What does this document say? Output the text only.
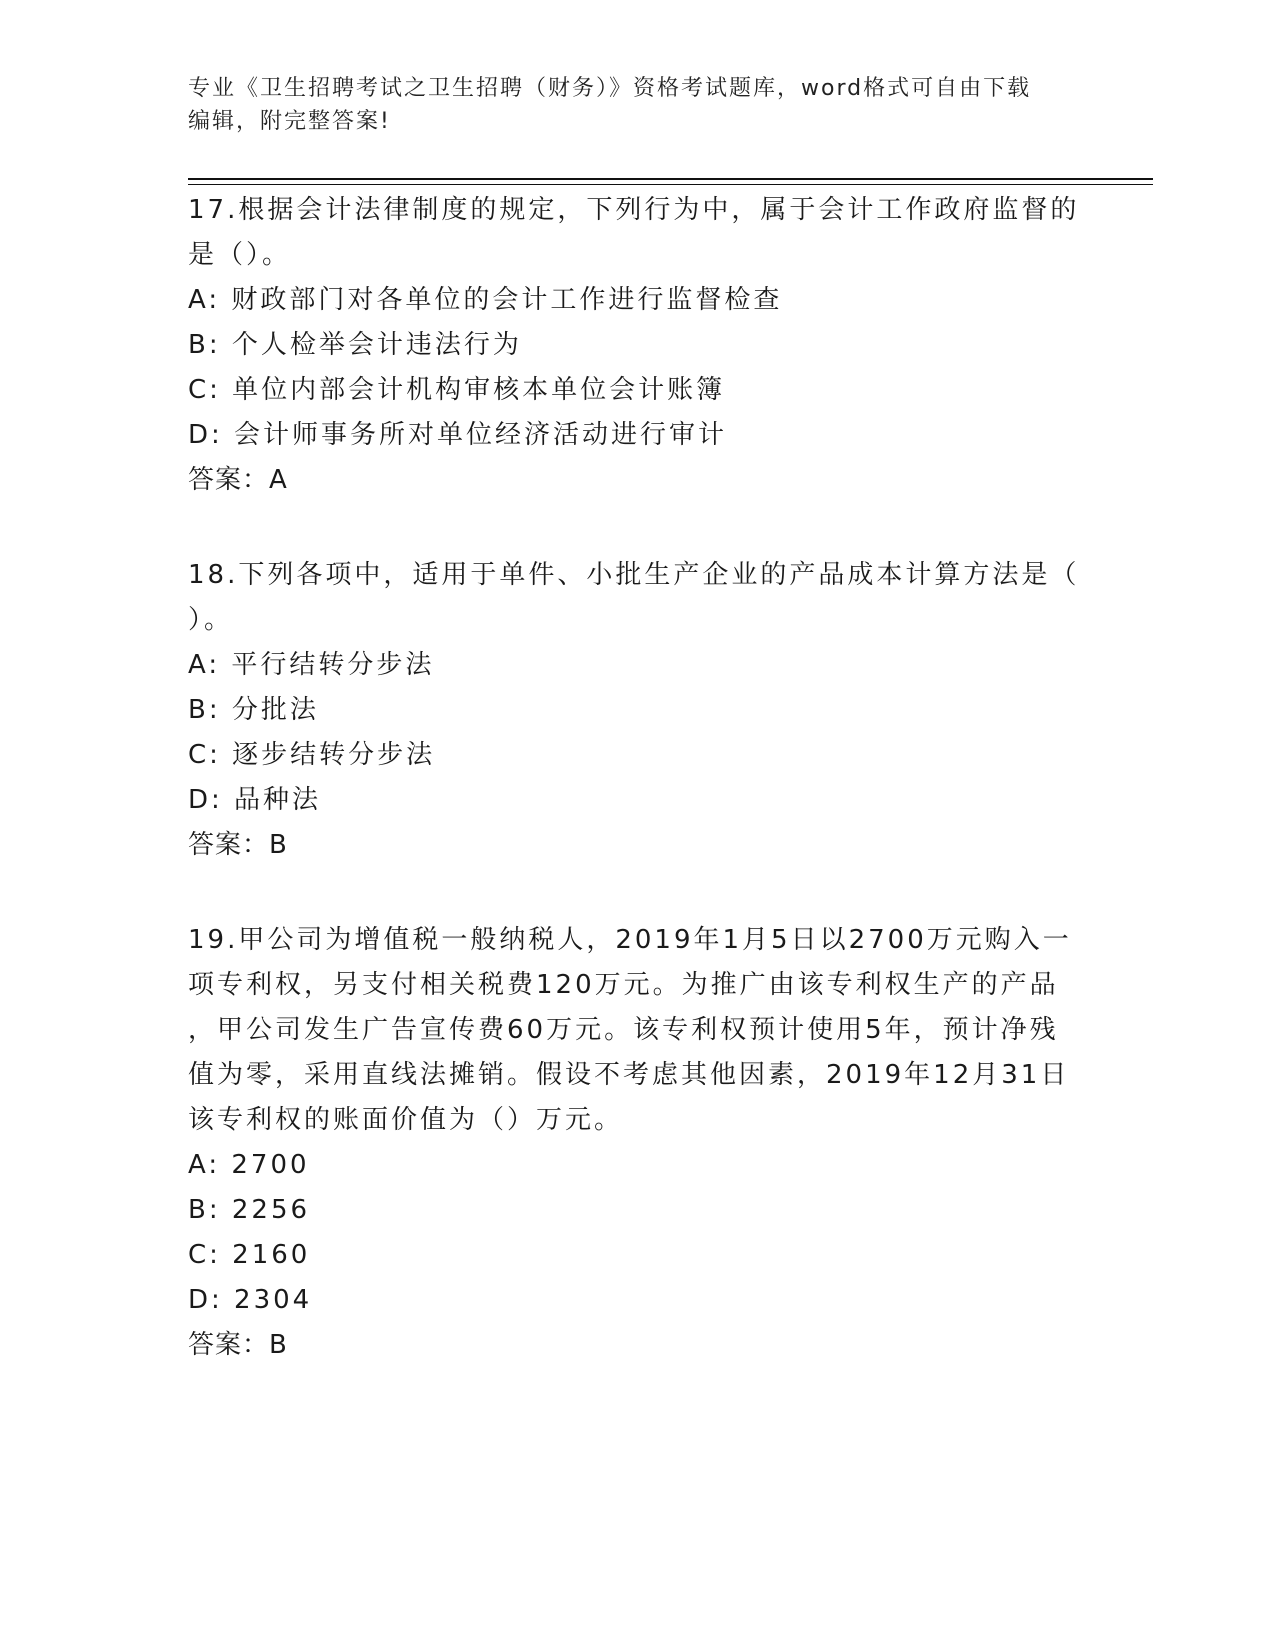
专业《卫生招聘考试之卫生招聘（财务）》资格考试题库，word格式可自由下载

编辑，附完整答案!

17.根据会计法律制度的规定，下列行为中，属于会计工作政府监督的

是（）。

A: 财政部门对各单位的会计工作进行监督检查

B: 个人检举会计违法行为

C: 单位内部会计机构审核本单位会计账簿

D: 会计师事务所对单位经济活动进行审计

答案：A

18.下列各项中，适用于单件、小批生产企业的产品成本计算方法是（

）。

A: 平行结转分步法

B: 分批法

C: 逐步结转分步法

D: 品种法

答案：B

19.甲公司为增值税一般纳税人，2019年1月5日以2700万元购入一

项专利权，另支付相关税费120万元。为推广由该专利权生产的产品

，甲公司发生广告宣传费60万元。该专利权预计使用5年，预计净残

值为零，采用直线法摊销。假设不考虑其他因素，2019年12月31日

该专利权的账面价值为（）万元。

A: 2700

B: 2256

C: 2160

D: 2304

答案：B
